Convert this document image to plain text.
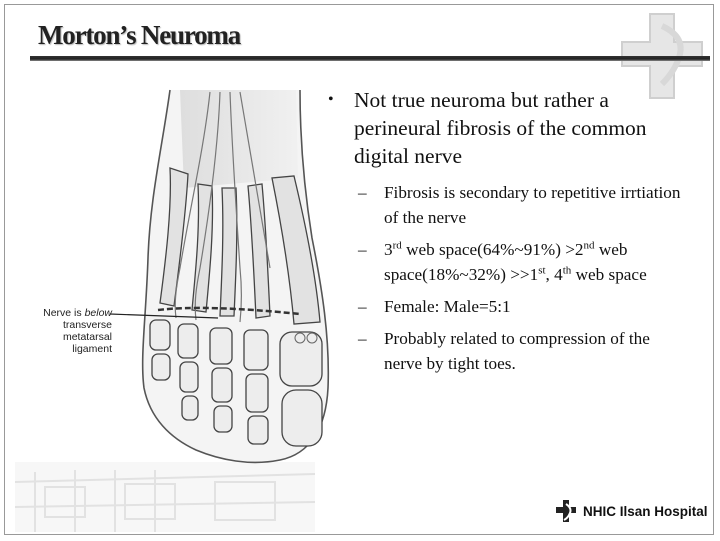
Morton’s Neuroma
Nerve is below
transverse metatarsal
ligament
• Not true neuroma but rather a perineural fibrosis of the common digital nerve
– Fibrosis is secondary to repetitive irrtiation of the nerve
– 3rd web space(64%~91%) >2nd web space(18%~32%) >>1st, 4th web space
– Female: Male=5:1
– Probably related to compression of the nerve by tight toes.
NHIC Ilsan Hospital
